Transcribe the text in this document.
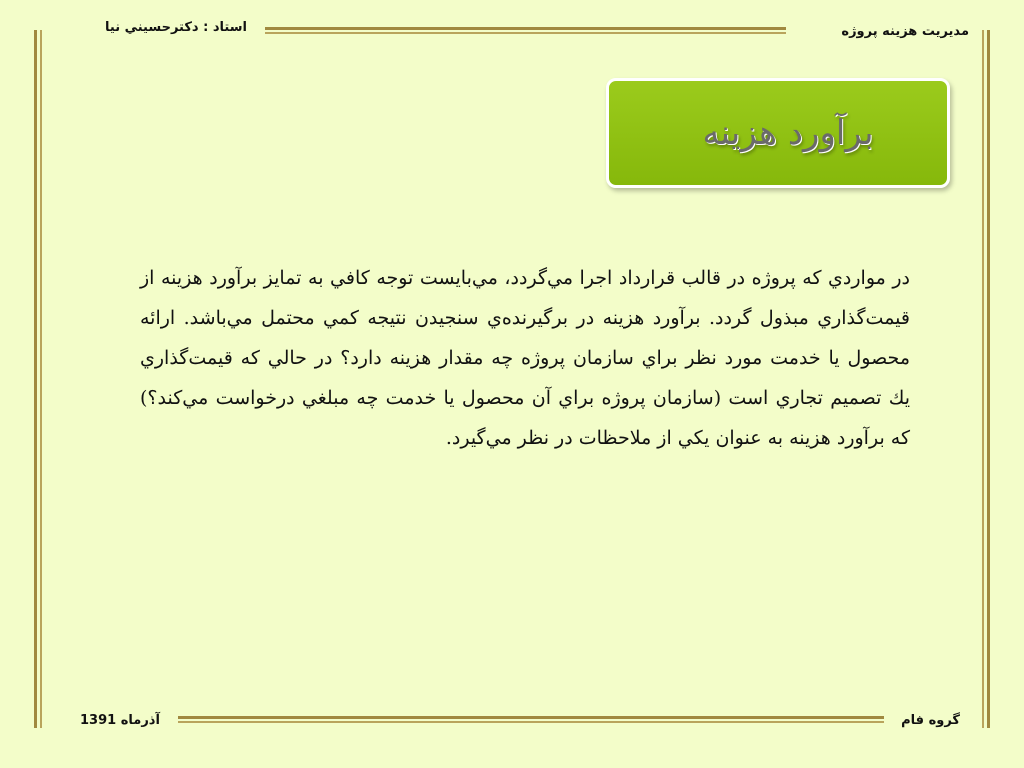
مديريت هزينه پروژه
استاد : دكترحسيني نيا
برآورد هزينه
در مواردي كه پروژه در قالب قرارداد اجرا مي‌گردد، مي‌بايست توجه كافي به تمايز برآورد هزينه از قيمت‌گذاري مبذول گردد. برآورد هزينه در برگيرنده‌ي سنجيدن نتيجه كمي محتمل مي‌باشد. ارائه محصول يا خدمت مورد نظر براي سازمان پروژه چه مقدار هزينه دارد؟ در حالي كه قيمت‌گذاري يك تصميم تجاري است (سازمان پروژه براي آن محصول يا خدمت چه مبلغي درخواست مي‌كند؟) كه برآورد هزينه به عنوان يكي از ملاحظات در نظر مي‌گيرد.
گروه فام
آذرماه 1391
